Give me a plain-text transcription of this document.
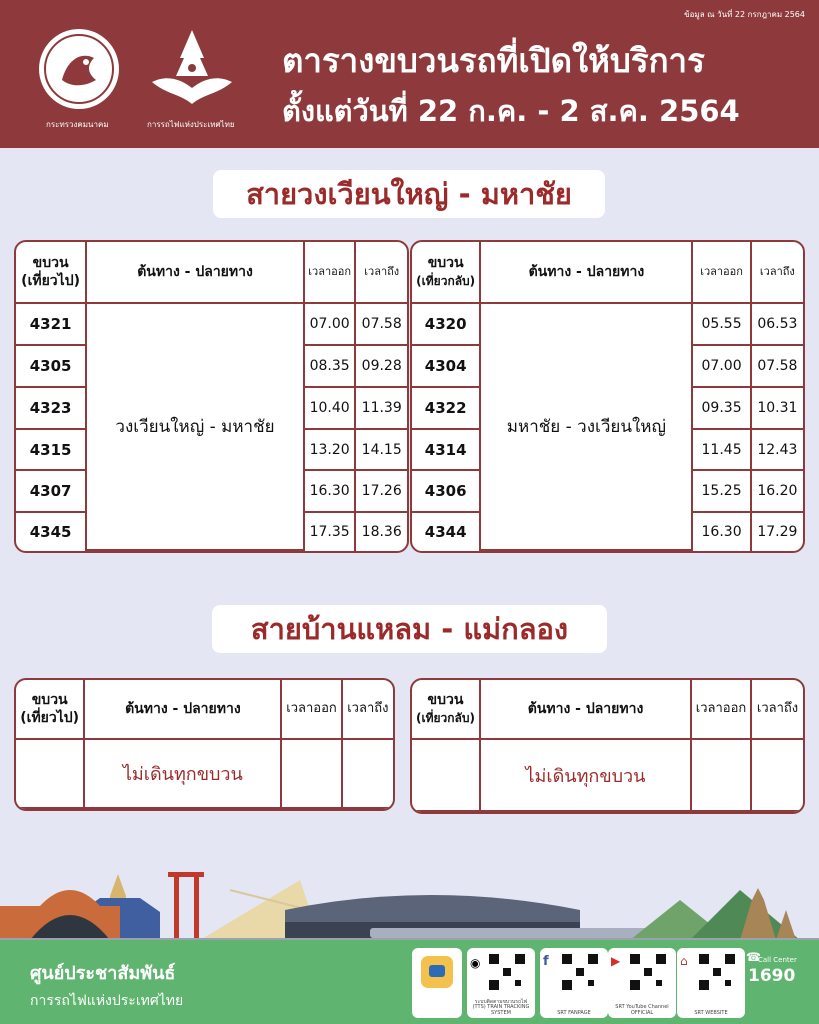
ข้อมูล ณ วันที่ 22 กรกฎาคม 2564
กระทรวงคมนาคม	การรถไฟแห่งประเทศไทย
ตารางขบวนรถที่เปิดให้บริการ
ตั้งแต่วันที่ 22 ก.ค. - 2 ส.ค. 2564
สายวงเวียนใหญ่ - มหาชัย
ขบวน
(เที่ยวไป)	ต้นทาง - ปลายทาง	เวลาออก	เวลาถึง
4321	วงเวียนใหญ่ - มหาชัย	07.00	07.58
4305		08.35	09.28
4323		10.40	11.39
4315		13.20	14.15
4307		16.30	17.26
4345		17.35	18.36
ขบวน
(เที่ยวกลับ)	ต้นทาง - ปลายทาง	เวลาออก	เวลาถึง
4320	มหาชัย - วงเวียนใหญ่	05.55	06.53
4304		07.00	07.58
4322		09.35	10.31
4314		11.45	12.43
4306		15.25	16.20
4344		16.30	17.29
สายบ้านแหลม - แม่กลอง
ขบวน
(เที่ยวไป)	ต้นทาง - ปลายทาง	เวลาออก	เวลาถึง
	ไม่เดินทุกขบวน		

ขบวน
(เที่ยวกลับ)	ต้นทาง - ปลายทาง	เวลาออก	เวลาถึง
	ไม่เดินทุกขบวน		

ศูนย์ประชาสัมพันธ์
การรถไฟแห่งประเทศไทย
◉
ระบบติดตามขบวนรถไฟ (TTS) TRAIN TRACKING SYSTEM
f
SRT FANPAGE
▶
SRT YouTube Channel OFFICIAL
⌂
SRT WEBSITE
☎
Call Center
1690
